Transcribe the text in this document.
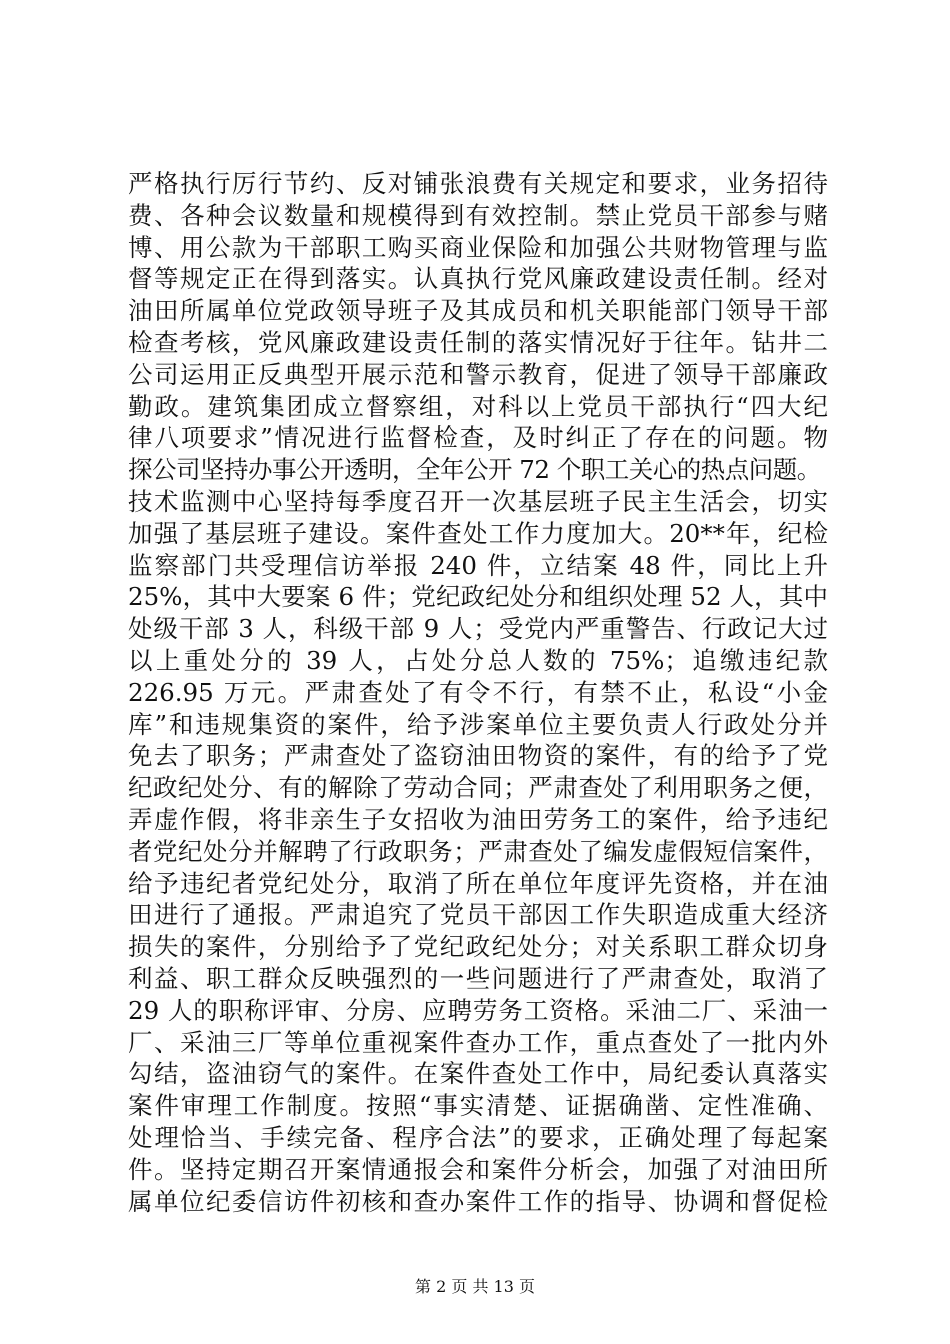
严格执行厉行节约、反对铺张浪费有关规定和要求，业务招待
费、各种会议数量和规模得到有效控制。禁止党员干部参与赌
博、用公款为干部职工购买商业保险和加强公共财物管理与监
督等规定正在得到落实。认真执行党风廉政建设责任制。经对
油田所属单位党政领导班子及其成员和机关职能部门领导干部
检查考核，党风廉政建设责任制的落实情况好于往年。钻井二
公司运用正反典型开展示范和警示教育，促进了领导干部廉政
勤政。建筑集团成立督察组，对科以上党员干部执行“四大纪
律八项要求”情况进行监督检查，及时纠正了存在的问题。物
探公司坚持办事公开透明，全年公开 72 个职工关心的热点问题。
技术监测中心坚持每季度召开一次基层班子民主生活会，切实
加强了基层班子建设。案件查处工作力度加大。20**年，纪检
监察部门共受理信访举报 240 件，立结案 48 件，同比上升
25%，其中大要案 6 件；党纪政纪处分和组织处理 52 人，其中
处级干部 3 人，科级干部 9 人；受党内严重警告、行政记大过
以上重处分的 39 人，占处分总人数的 75%；追缴违纪款
226.95 万元。严肃查处了有令不行，有禁不止，私设“小金
库”和违规集资的案件，给予涉案单位主要负责人行政处分并
免去了职务；严肃查处了盗窃油田物资的案件，有的给予了党
纪政纪处分、有的解除了劳动合同；严肃查处了利用职务之便，
弄虚作假，将非亲生子女招收为油田劳务工的案件，给予违纪
者党纪处分并解聘了行政职务；严肃查处了编发虚假短信案件，
给予违纪者党纪处分，取消了所在单位年度评先资格，并在油
田进行了通报。严肃追究了党员干部因工作失职造成重大经济
损失的案件，分别给予了党纪政纪处分；对关系职工群众切身
利益、职工群众反映强烈的一些问题进行了严肃查处，取消了
29 人的职称评审、分房、应聘劳务工资格。采油二厂、采油一
厂、采油三厂等单位重视案件查办工作，重点查处了一批内外
勾结，盗油窃气的案件。在案件查处工作中，局纪委认真落实
案件审理工作制度。按照“事实清楚、证据确凿、定性准确、
处理恰当、手续完备、程序合法”的要求，正确处理了每起案
件。坚持定期召开案情通报会和案件分析会，加强了对油田所
属单位纪委信访件初核和查办案件工作的指导、协调和督促检
第 2 页 共 13 页
